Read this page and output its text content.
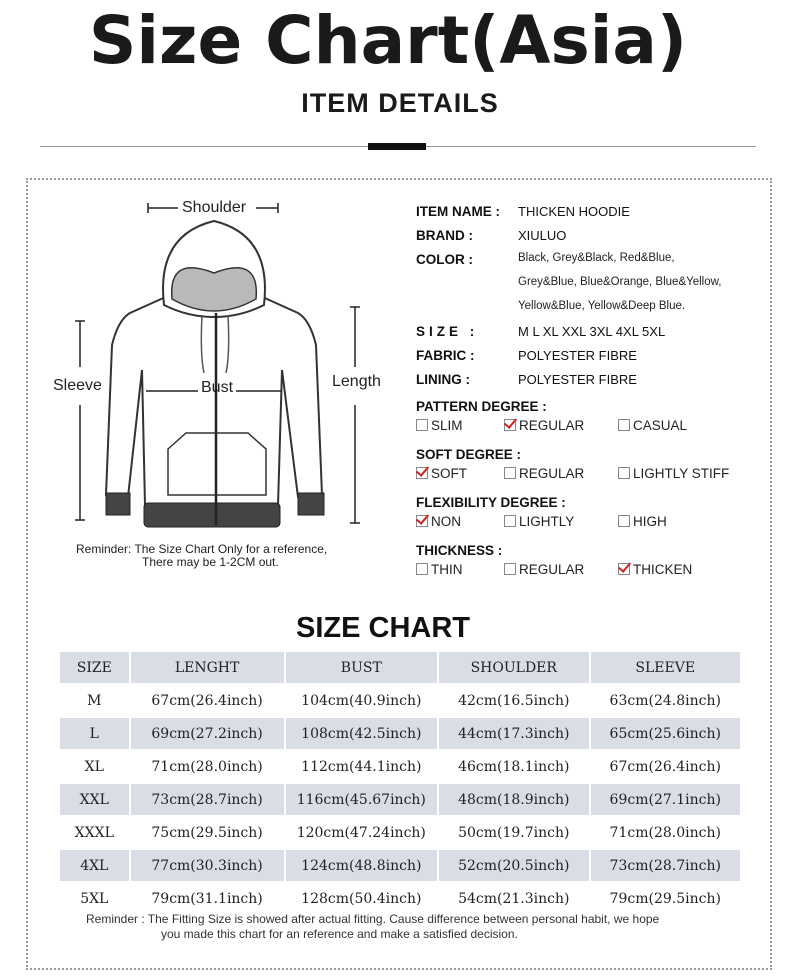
Size Chart(Asia)
ITEM DETAILS
Shoulder
Sleeve	Bust	Length
Reminder: The Size Chart Only for a reference,
There may be 1-2CM out.
ITEM NAME : THICKEN HOODIE
BRAND :	XIULUO
COLOR :	Black, Grey&Black, Red&Blue,
Grey&Blue, Blue&Orange, Blue&Yellow,
Yellow&Blue, Yellow&Deep Blue.
SIZE :	M L XL XXL 3XL 4XL 5XL
FABRIC :	POLYESTER FIBRE
LINING :	POLYESTER FIBRE
PATTERN DEGREE :
SLIM	REGULAR	CASUAL
SOFT DEGREE :
SOFT	REGULAR	LIGHTLY STIFF
FLEXIBILITY DEGREE :
NON	LIGHTLY	HIGH
THICKNESS :
THIN	REGULAR	THICKEN
SIZE CHART
SIZE	LENGHT	BUST	SHOULDER	SLEEVE
M	67cm(26.4inch)	104cm(40.9inch)	42cm(16.5inch)	63cm(24.8inch)
L	69cm(27.2inch)	108cm(42.5inch)	44cm(17.3inch)	65cm(25.6inch)
XL	71cm(28.0inch)	112cm(44.1inch)	46cm(18.1inch)	67cm(26.4inch)
XXL	73cm(28.7inch)	116cm(45.67inch)	48cm(18.9inch)	69cm(27.1inch)
XXXL	75cm(29.5inch)	120cm(47.24inch)	50cm(19.7inch)	71cm(28.0inch)
4XL	77cm(30.3inch)	124cm(48.8inch)	52cm(20.5inch)	73cm(28.7inch)
5XL	79cm(31.1inch)	128cm(50.4inch)	54cm(21.3inch)	79cm(29.5inch)
Reminder : The Fitting Size is showed after actual fitting. Cause difference between personal habit, we hope
you made this chart for an reference and make a satisfied decision.
